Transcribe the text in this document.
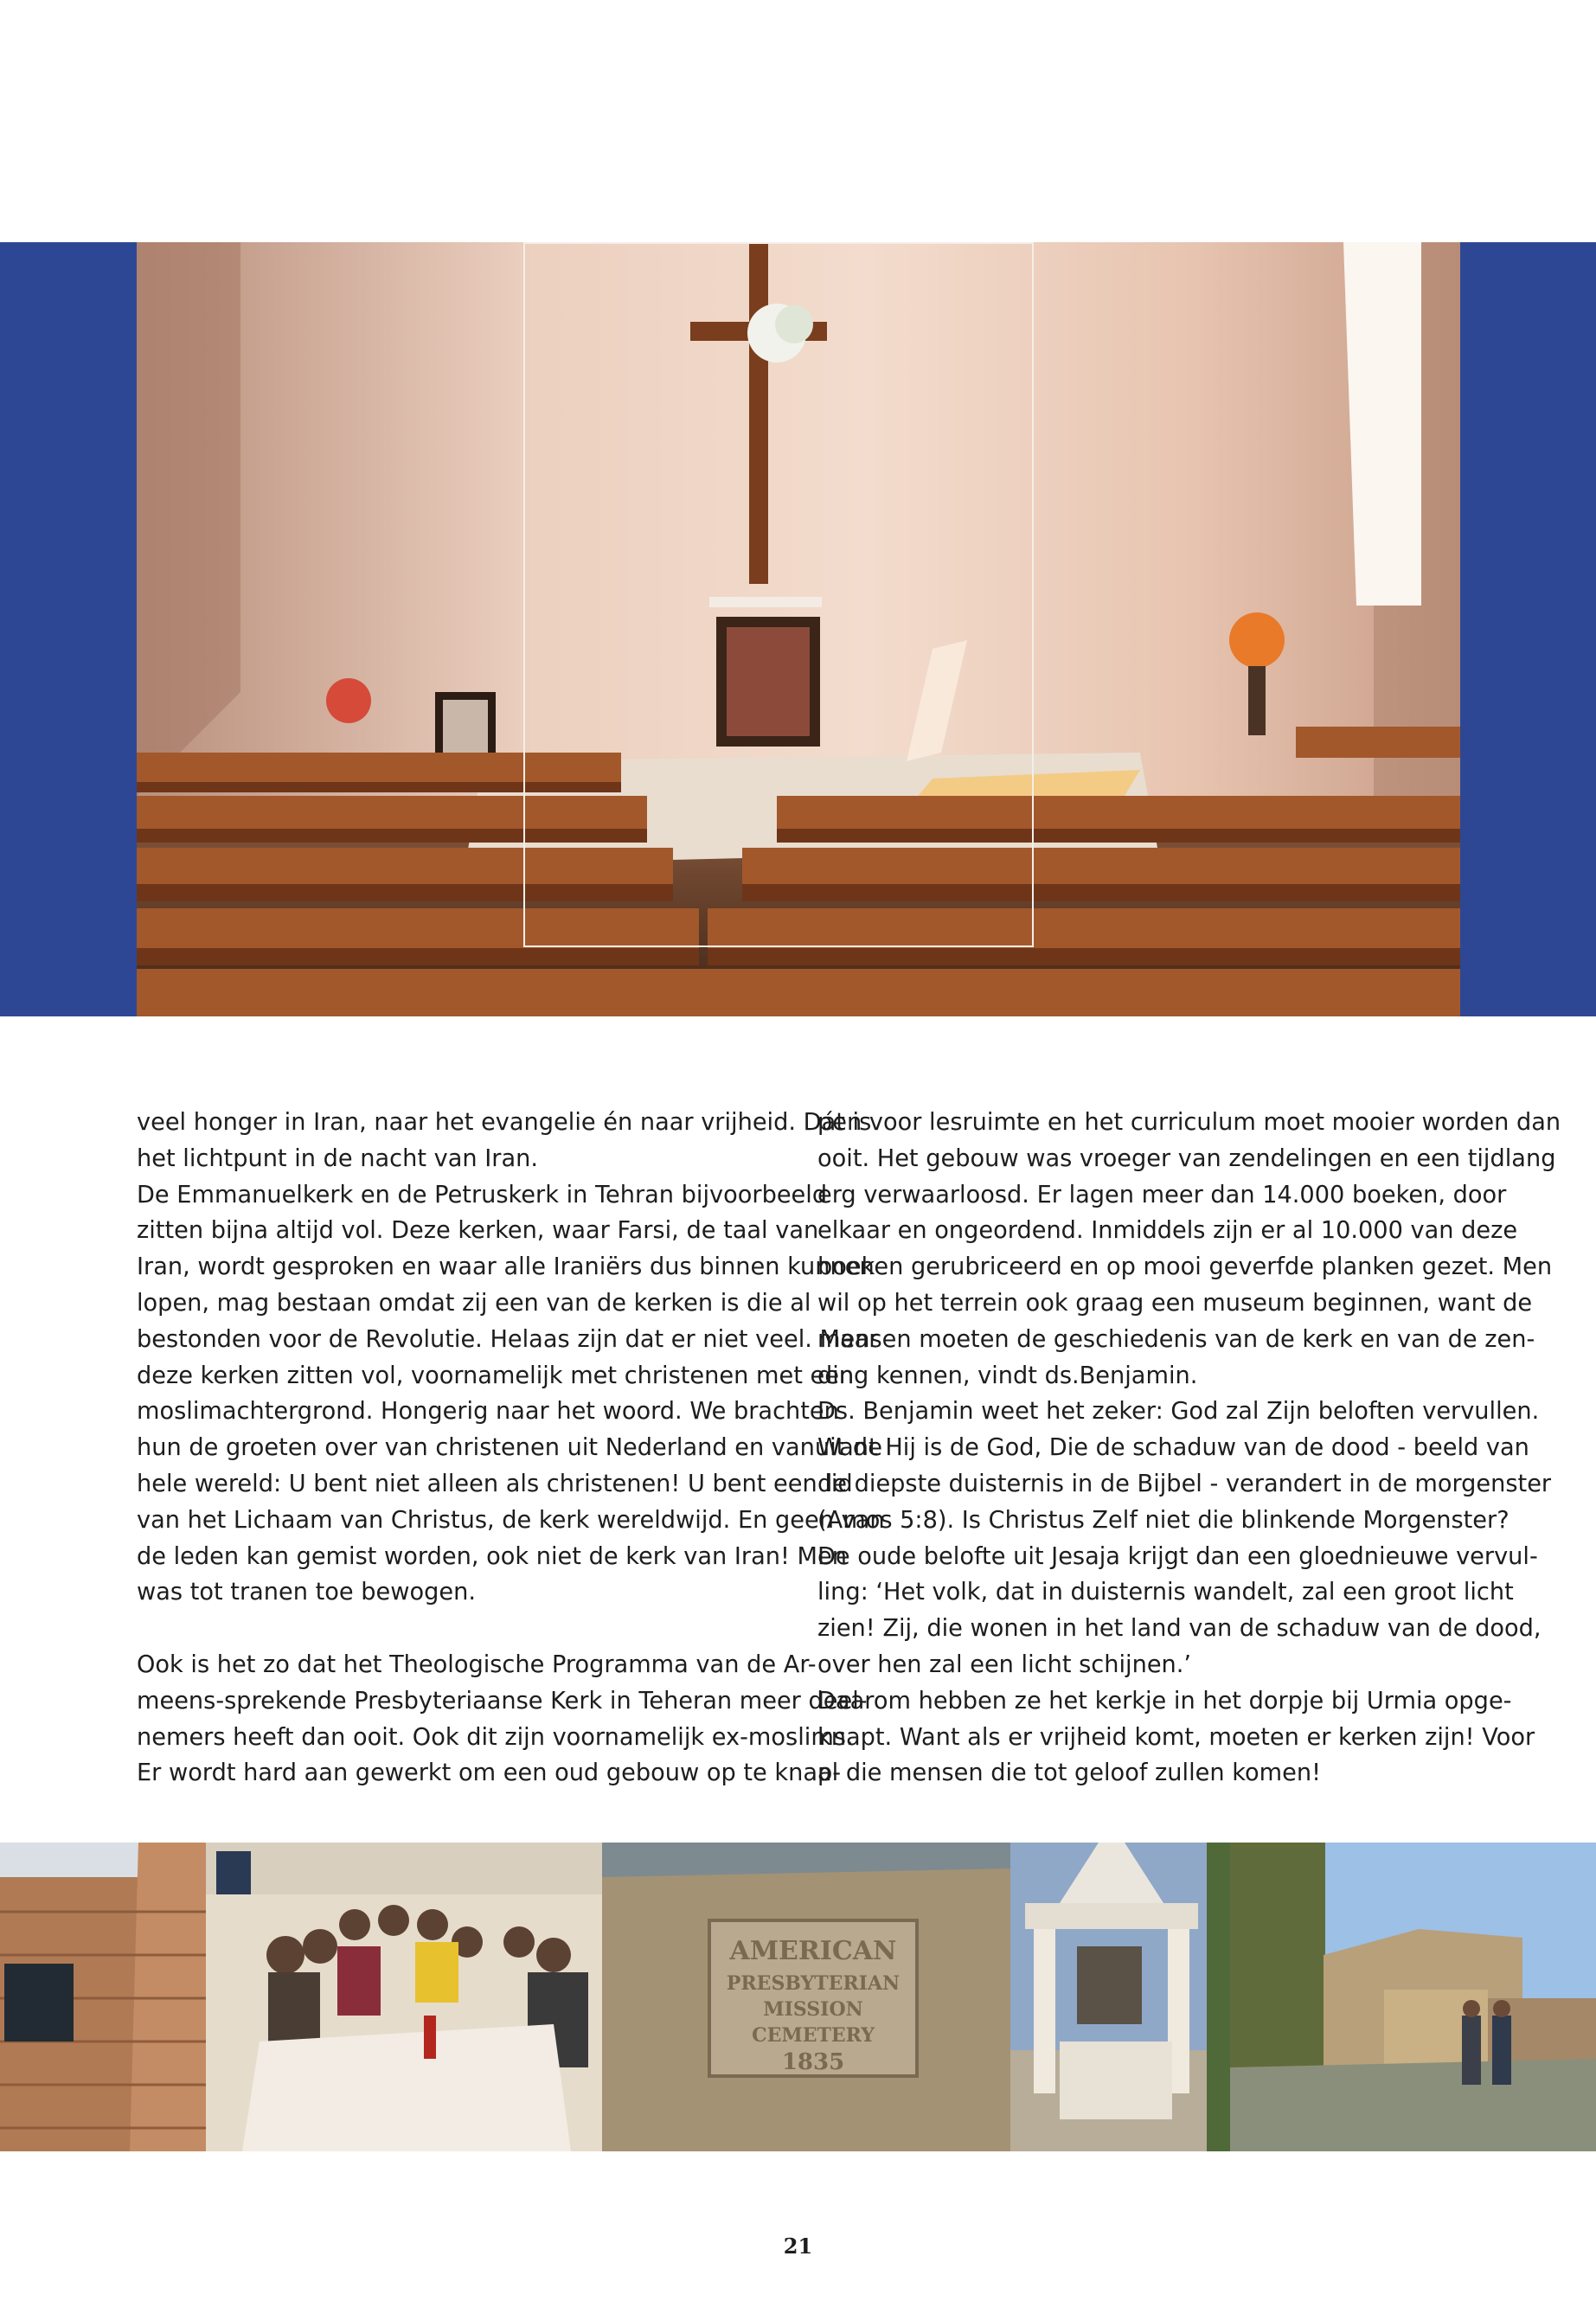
veel honger in Iran, naar het evangelie én naar vrijheid. Dát is

het lichtpunt in de nacht van Iran.

De Emmanuelkerk en de Petruskerk in Tehran bijvoorbeeld

zitten bijna altijd vol. Deze kerken, waar Farsi, de taal van

Iran, wordt gesproken en waar alle Iraniërs dus binnen kunnen

lopen, mag bestaan omdat zij een van de kerken is die al

bestonden voor de Revolutie. Helaas zijn dat er niet veel. Maar

deze kerken zitten vol, voornamelijk met christenen met een

moslimachtergrond. Hongerig naar het woord. We brachten

hun de groeten over van christenen uit Nederland en vanuit de

hele wereld: U bent niet alleen als christenen! U bent een lid

van het Lichaam van Christus, de kerk wereldwijd. En geen van

de leden kan gemist worden, ook niet de kerk van Iran! Men

was tot tranen toe bewogen.

Ook is het zo dat het Theologische Programma van de Ar-

meens-sprekende Presbyteriaanse Kerk in Teheran meer deel-

nemers heeft dan ooit. Ook dit zijn voornamelijk ex-moslims.

Er wordt hard aan gewerkt om een oud gebouw op te knap-

pen voor lesruimte en het curriculum moet mooier worden dan

ooit. Het gebouw was vroeger van zendelingen en een tijdlang

erg verwaarloosd. Er lagen meer dan 14.000 boeken, door

elkaar en ongeordend. Inmiddels zijn er al 10.000 van deze

boeken gerubriceerd en op mooi geverfde planken gezet. Men

wil op het terrein ook graag een museum beginnen, want de

mensen moeten de geschiedenis van de kerk en van de zen-

ding kennen, vindt ds.Benjamin.

Ds. Benjamin weet het zeker: God zal Zijn beloften vervullen.

Want Hij is de God, Die de schaduw van de dood - beeld van

de diepste duisternis in de Bijbel - verandert in de morgenster

(Amos 5:8). Is Christus Zelf niet die blinkende Morgenster?

De oude belofte uit Jesaja krijgt dan een gloednieuwe vervul-

ling: ‘Het volk, dat in duisternis wandelt, zal een groot licht

zien! Zij, die wonen in het land van de schaduw van de dood,

over hen zal een licht schijnen.’

Daarom hebben ze het kerkje in het dorpje bij Urmia opge-

knapt. Want als er vrijheid komt, moeten er kerken zijn! Voor

al die mensen die tot geloof zullen komen!

AMERICAN
PRESBYTERIAN
MISSION
CEMETERY
1835
21
